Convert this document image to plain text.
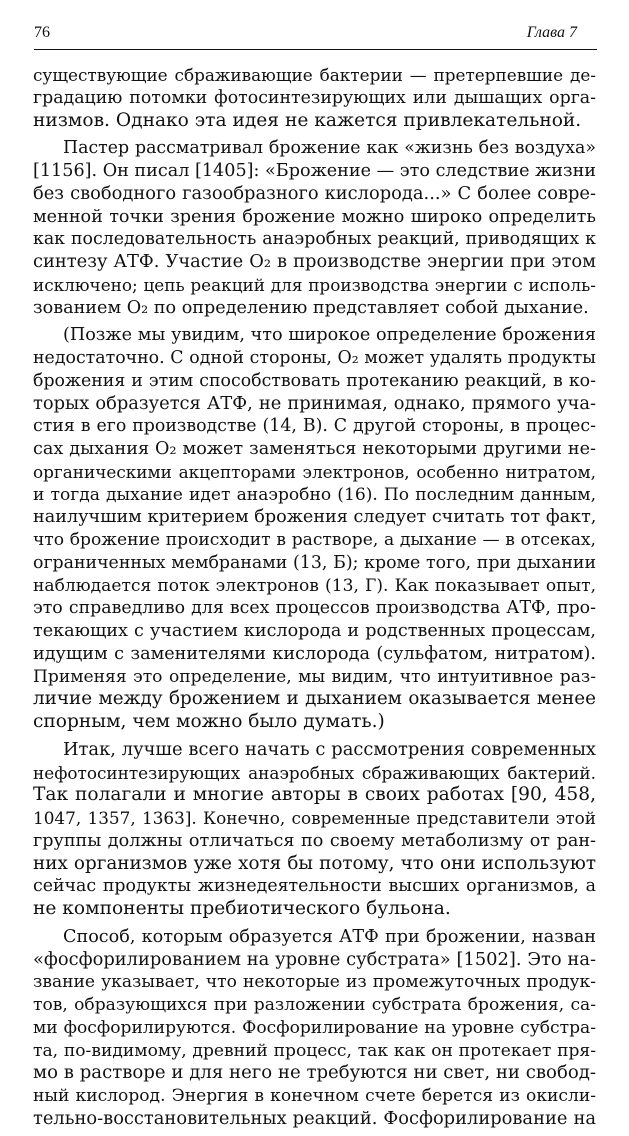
76	Глава 7
существующие сбраживающие бактерии — претерпевшие де-
градацию потомки фотосинтезирующих или дышащих орга-
низмов. Однако эта идея не кажется привлекательной.
Пастер рассматривал брожение как «жизнь без воздуха»
[1156]. Он писал [1405]: «Брожение — это следствие жизни
без свободного газообразного кислорода...» С более совре-
менной точки зрения брожение можно широко определить
как последовательность анаэробных реакций, приводящих к
синтезу АТФ. Участие O₂ в производстве энергии при этом
исключено; цепь реакций для производства энергии с исполь-
зованием O₂ по определению представляет собой дыхание.
(Позже мы увидим, что широкое определение брожения
недостаточно. С одной стороны, O₂ может удалять продукты
брожения и этим способствовать протеканию реакций, в ко-
торых образуется АТФ, не принимая, однако, прямого уча-
стия в его производстве (14, В). С другой стороны, в процес-
сах дыхания O₂ может заменяться некоторыми другими не-
органическими акцепторами электронов, особенно нитратом,
и тогда дыхание идет анаэробно (16). По последним данным,
наилучшим критерием брожения следует считать тот факт,
что брожение происходит в растворе, а дыхание — в отсеках,
ограниченных мембранами (13, Б); кроме того, при дыхании
наблюдается поток электронов (13, Г). Как показывает опыт,
это справедливо для всех процессов производства АТФ, про-
текающих с участием кислорода и родственных процессам,
идущим с заменителями кислорода (сульфатом, нитратом).
Применяя это определение, мы видим, что интуитивное раз-
личие между брожением и дыханием оказывается менее
спорным, чем можно было думать.)
Итак, лучше всего начать с рассмотрения современных
нефотосинтезирующих анаэробных сбраживающих бактерий.
Так полагали и многие авторы в своих работах [90, 458,
1047, 1357, 1363]. Конечно, современные представители этой
группы должны отличаться по своему метаболизму от ран-
них организмов уже хотя бы потому, что они используют
сейчас продукты жизнедеятельности высших организмов, а
не компоненты пребиотического бульона.
Способ, которым образуется АТФ при брожении, назван
«фосфорилированием на уровне субстрата» [1502]. Это на-
звание указывает, что некоторые из промежуточных продук-
тов, образующихся при разложении субстрата брожения, са-
ми фосфорилируются. Фосфорилирование на уровне субстра-
та, по-видимому, древний процесс, так как он протекает пря-
мо в растворе и для него не требуются ни свет, ни свобод-
ный кислород. Энергия в конечном счете берется из окисли-
тельно-восстановительных реакций. Фосфорилирование на
